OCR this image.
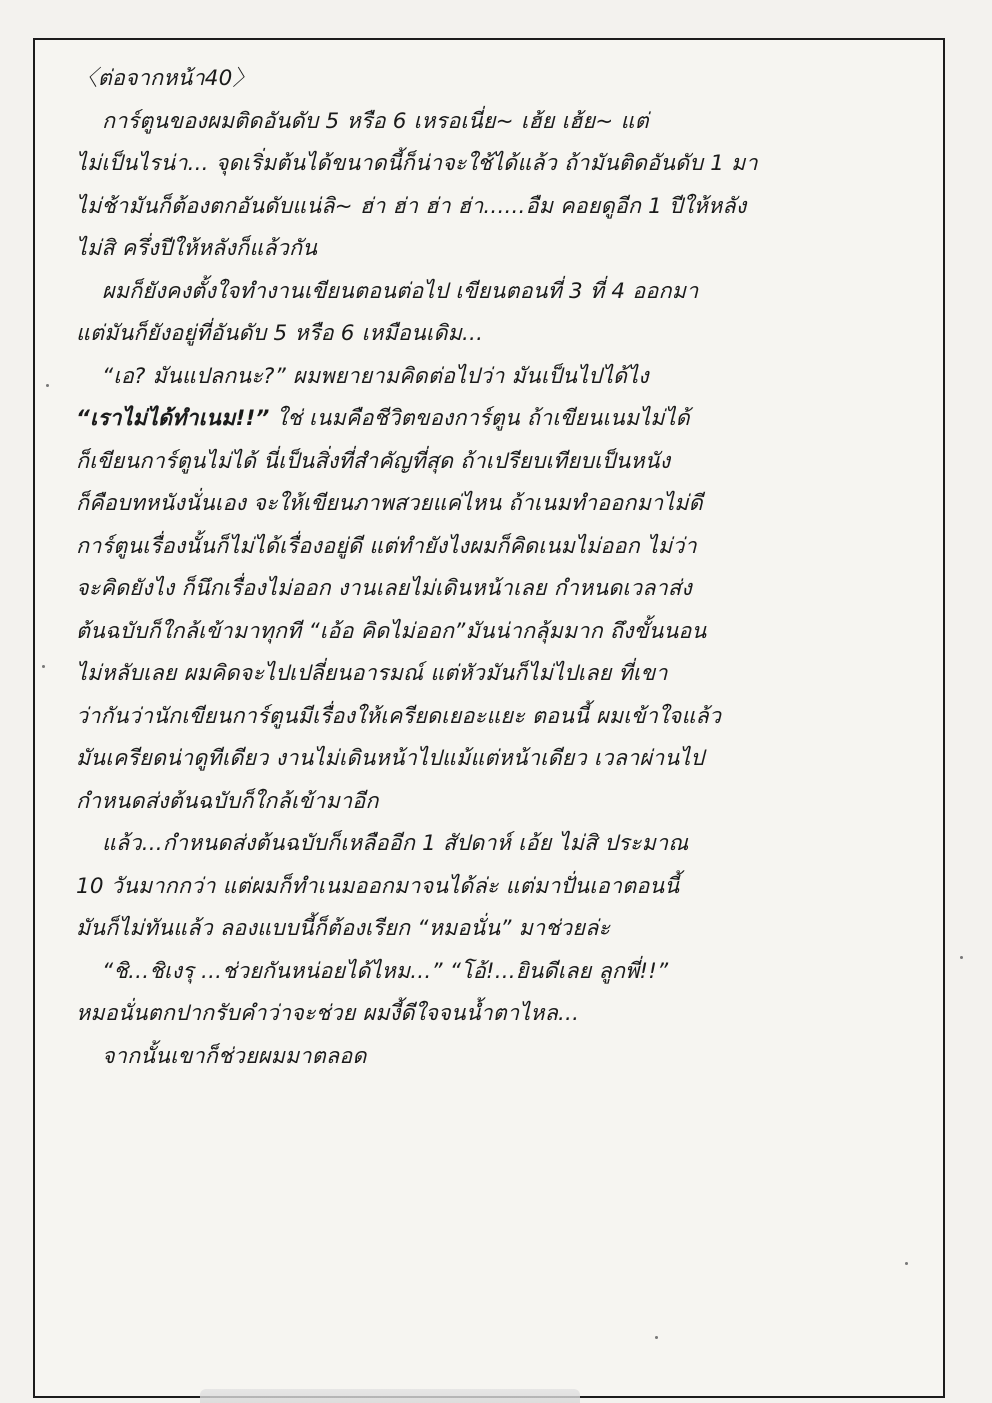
〈ต่อจากหน้า40〉
การ์ตูนของผมติดอันดับ 5 หรือ 6 เหรอเนี่ย~ เฮ้ย เฮ้ย~ แต่
ไม่เป็นไรน่า... จุดเริ่มต้นได้ขนาดนี้ก็น่าจะใช้ได้แล้ว ถ้ามันติดอันดับ 1 มา
ไม่ช้ามันก็ต้องตกอันดับแน่ลิ~ ฮ่า ฮ่า ฮ่า ฮ่า......อืม คอยดูอีก 1 ปีให้หลัง
ไม่สิ ครึ่งปีให้หลังก็แล้วกัน
ผมก็ยังคงตั้งใจทำงานเขียนตอนต่อไป เขียนตอนที่ 3 ที่ 4 ออกมา
แต่มันก็ยังอยู่ที่อันดับ 5 หรือ 6 เหมือนเดิม...
“เอ? มันแปลกนะ?” ผมพยายามคิดต่อไปว่า มันเป็นไปได้ไง
“เราไม่ได้ทำเนม!!” ใช่ เนมคือชีวิตของการ์ตูน ถ้าเขียนเนมไม่ได้
ก็เขียนการ์ตูนไม่ได้ นี่เป็นสิ่งที่สำคัญที่สุด ถ้าเปรียบเทียบเป็นหนัง
ก็คือบทหนังนั่นเอง จะให้เขียนภาพสวยแค่ไหน ถ้าเนมทำออกมาไม่ดี
การ์ตูนเรื่องนั้นก็ไม่ได้เรื่องอยู่ดี แต่ทำยังไงผมก็คิดเนมไม่ออก ไม่ว่า
จะคิดยังไง ก็นึกเรื่องไม่ออก งานเลยไม่เดินหน้าเลย กำหนดเวลาส่ง
ต้นฉบับก็ใกล้เข้ามาทุกที “เอ้อ คิดไม่ออก”มันน่ากลุ้มมาก ถึงขั้นนอน
ไม่หลับเลย ผมคิดจะไปเปลี่ยนอารมณ์ แต่หัวมันก็ไม่ไปเลย ที่เขา
ว่ากันว่านักเขียนการ์ตูนมีเรื่องให้เครียดเยอะแยะ ตอนนี้ ผมเข้าใจแล้ว
มันเครียดน่าดูทีเดียว งานไม่เดินหน้าไปแม้แต่หน้าเดียว เวลาผ่านไป
กำหนดส่งต้นฉบับก็ใกล้เข้ามาอีก
แล้ว...กำหนดส่งต้นฉบับก็เหลืออีก 1 สัปดาห์ เอ้ย ไม่สิ ประมาณ
10 วันมากกว่า แต่ผมก็ทำเนมออกมาจนได้ล่ะ แต่มาปั่นเอาตอนนี้
มันก็ไม่ทันแล้ว ลองแบบนี้ก็ต้องเรียก “หมอนั่น” มาช่วยล่ะ
“ชิ...ชิเงรุ ...ช่วยกันหน่อยได้ไหม...” “โอ้!...ยินดีเลย ลูกพี่!!”
หมอนั่นตกปากรับคำว่าจะช่วย ผมงี้ดีใจจนน้ำตาไหล...
จากนั้นเขาก็ช่วยผมมาตลอด
